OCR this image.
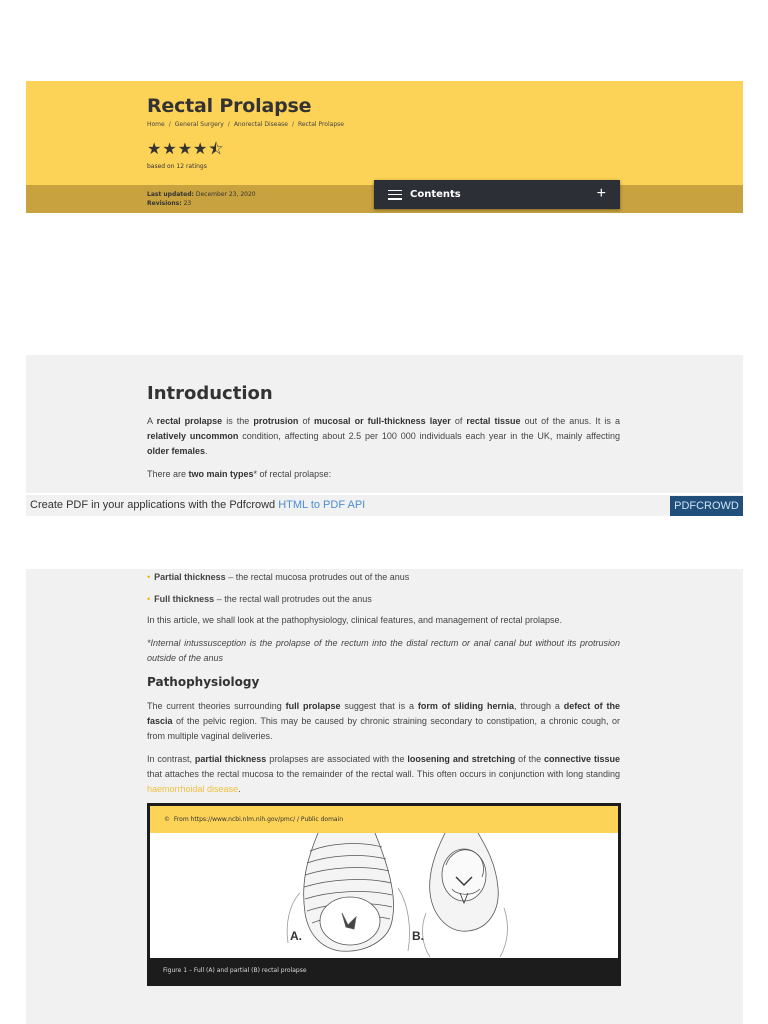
Rectal Prolapse
Home / General Surgery / Anorectal Disease / Rectal Prolapse
★★★★⯪
based on 12 ratings
Last updated: December 23, 2020
Revisions: 23
Contents	+
Introduction
A rectal prolapse is the protrusion of mucosal or full-thickness layer of rectal tissue out of the anus. It is a relatively uncommon condition, affecting about 2.5 per 100 000 individuals each year in the UK, mainly affecting older females.
There are two main types* of rectal prolapse:
Create PDF in your applications with the Pdfcrowd HTML to PDF API	PDFCROWD
• Partial thickness – the rectal mucosa protrudes out of the anus
• Full thickness – the rectal wall protrudes out the anus
In this article, we shall look at the pathophysiology, clinical features, and management of rectal prolapse.
*Internal intussusception is the prolapse of the rectum into the distal rectum or anal canal but without its protrusion outside of the anus
Pathophysiology
The current theories surrounding full prolapse suggest that is a form of sliding hernia, through a defect of the fascia of the pelvic region. This may be caused by chronic straining secondary to constipation, a chronic cough, or from multiple vaginal deliveries.
In contrast, partial thickness prolapses are associated with the loosening and stretching of the connective tissue that attaches the rectal mucosa to the remainder of the rectal wall. This often occurs in conjunction with long standing haemorrhoidal disease.
© From https://www.ncbi.nlm.nih.gov/pmc/ / Public domain
A.	B.
Figure 1 – Full (A) and partial (B) rectal prolapse
